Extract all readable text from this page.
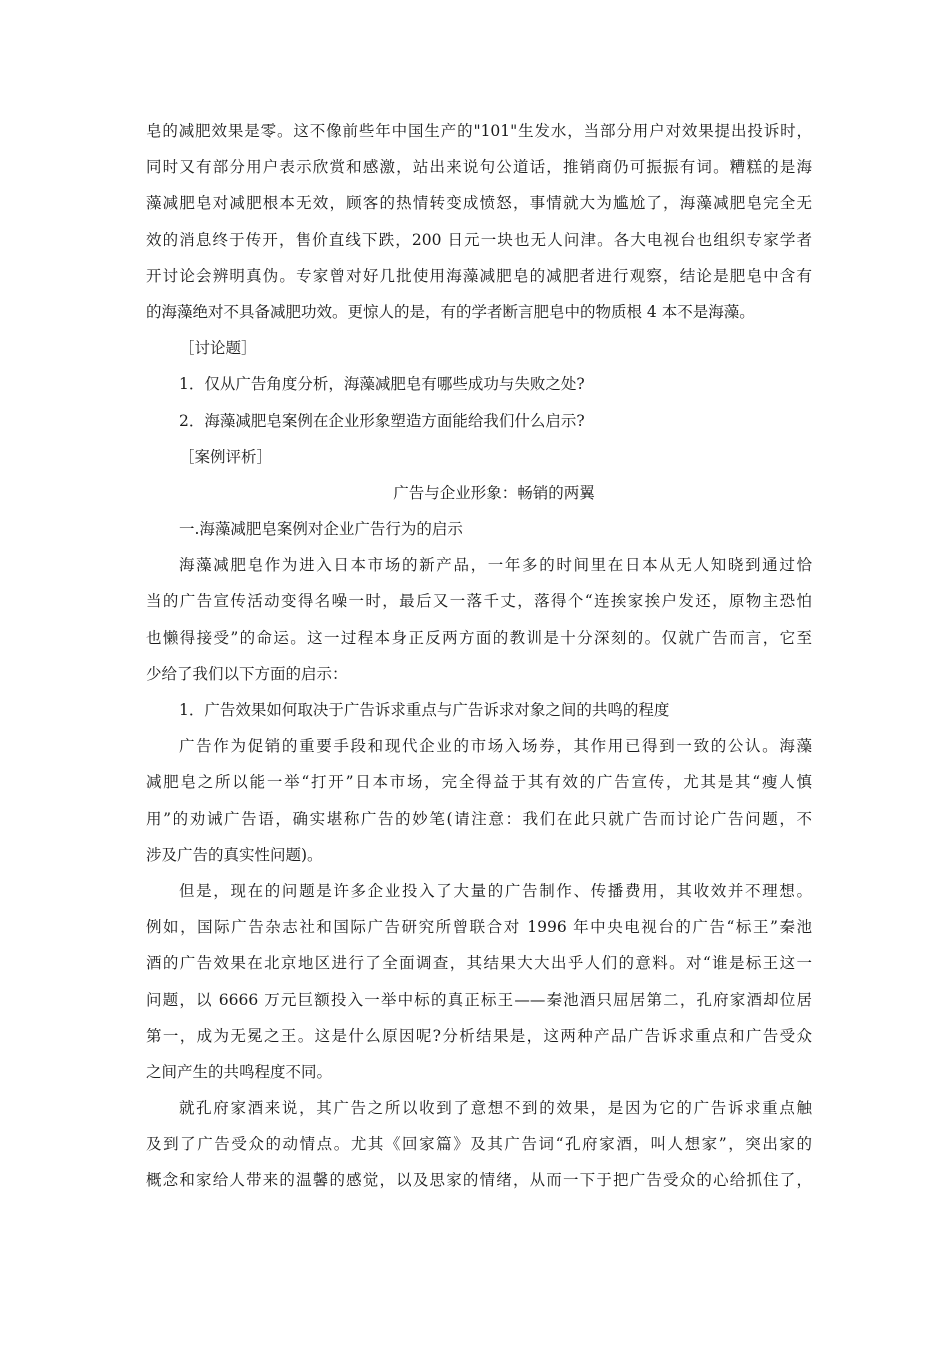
皂的减肥效果是零。这不像前些年中国生产的"101"生发水，当部分用户对效果提出投诉时，
同时又有部分用户表示欣赏和感激，站出来说句公道话，推销商仍可振振有词。糟糕的是海
藻减肥皂对减肥根本无效，顾客的热情转变成愤怒，事情就大为尴尬了，海藻减肥皂完全无
效的消息终于传开，售价直线下跌，200 日元一块也无人问津。各大电视台也组织专家学者
开讨论会辨明真伪。专家曾对好几批使用海藻减肥皂的减肥者进行观察，结论是肥皂中含有
的海藻绝对不具备减肥功效。更惊人的是，有的学者断言肥皂中的物质根 4 本不是海藻。
［讨论题］
1．仅从广告角度分析，海藻减肥皂有哪些成功与失败之处?
2．海藻减肥皂案例在企业形象塑造方面能给我们什么启示?
［案例评析］
广告与企业形象：畅销的两翼
一.海藻减肥皂案例对企业广告行为的启示
海藻减肥皂作为进入日本市场的新产品，一年多的时间里在日本从无人知晓到通过恰
当的广告宣传活动变得名噪一时，最后又一落千丈，落得个“连挨家挨户发还，原物主恐怕
也懒得接受”的命运。这一过程本身正反两方面的教训是十分深刻的。仅就广告而言，它至
少给了我们以下方面的启示：
1．广告效果如何取决于广告诉求重点与广告诉求对象之间的共鸣的程度
广告作为促销的重要手段和现代企业的市场入场券，其作用已得到一致的公认。海藻
减肥皂之所以能一举“打开”日本市场，完全得益于其有效的广告宣传，尤其是其“瘦人慎
用”的劝诫广告语，确实堪称广告的妙笔(请注意：我们在此只就广告而讨论广告问题，不
涉及广告的真实性问题)。
但是，现在的问题是许多企业投入了大量的广告制作、传播费用，其收效并不理想。
例如，国际广告杂志社和国际广告研究所曾联合对 1996 年中央电视台的广告“标王”秦池
酒的广告效果在北京地区进行了全面调查，其结果大大出乎人们的意料。对“谁是标王这一
问题，以 6666 万元巨额投入一举中标的真正标王——秦池酒只屈居第二，孔府家酒却位居
第一，成为无冕之王。这是什么原因呢?分析结果是，这两种产品广告诉求重点和广告受众
之间产生的共鸣程度不同。
就孔府家酒来说，其广告之所以收到了意想不到的效果，是因为它的广告诉求重点触
及到了广告受众的动情点。尤其《回家篇》及其广告词“孔府家酒，叫人想家”，突出家的
概念和家给人带来的温馨的感觉，以及思家的情绪，从而一下于把广告受众的心给抓住了，
